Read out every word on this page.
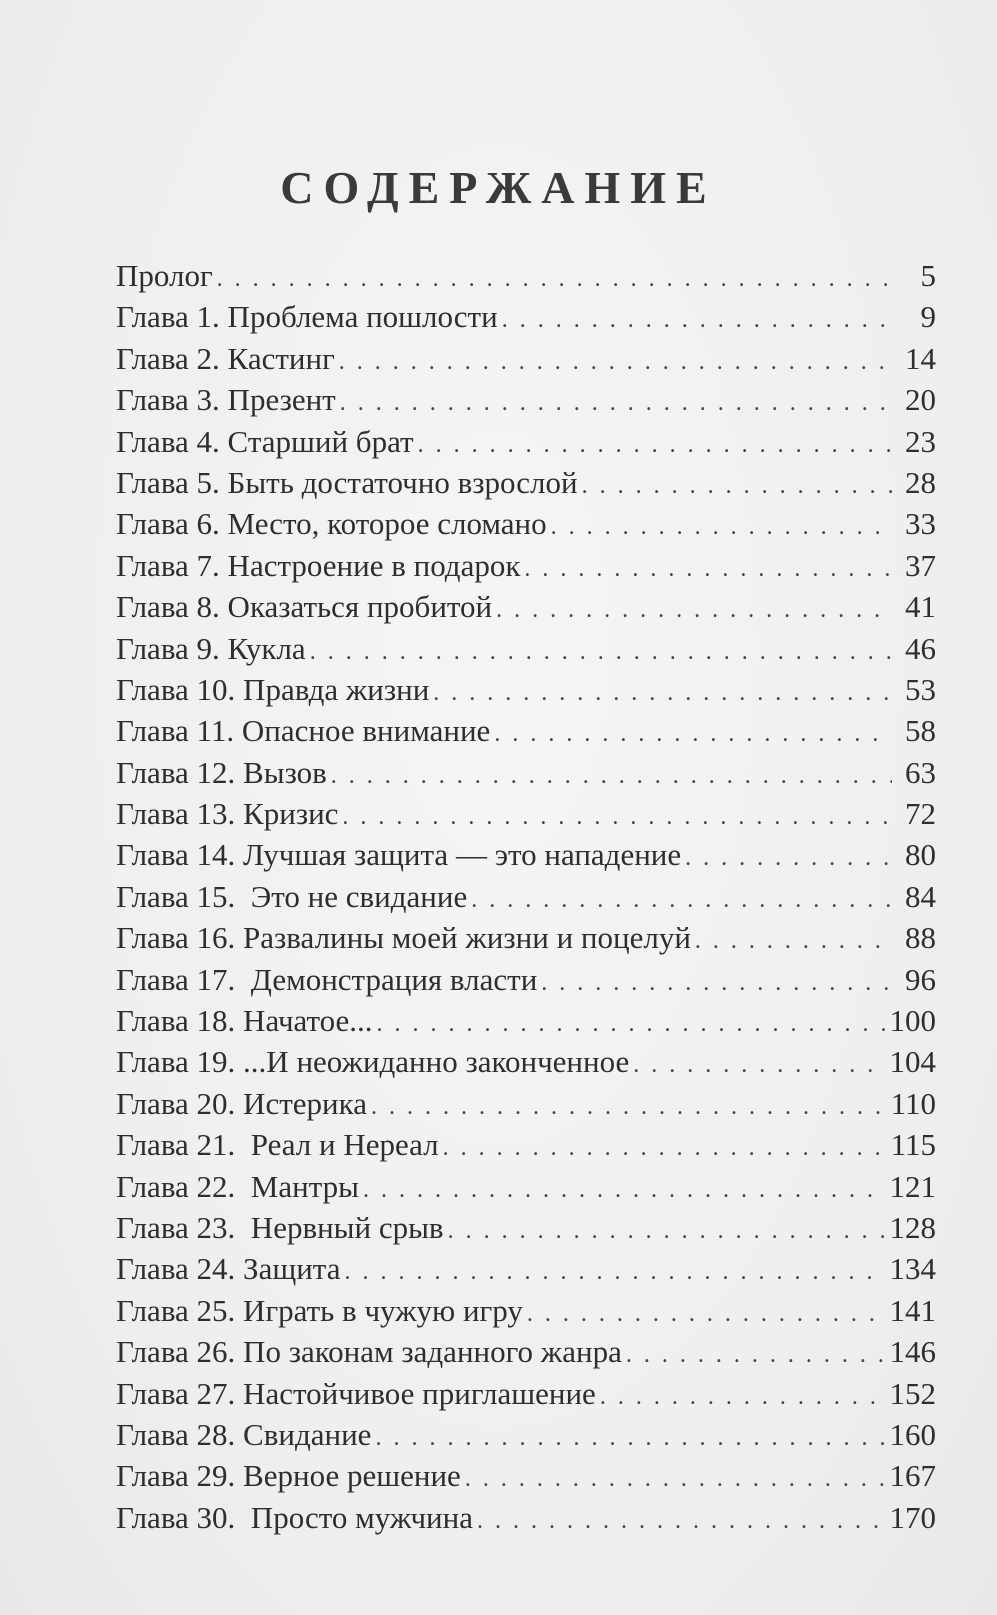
СОДЕРЖАНИЕ
Пролог . . .	5
Глава 1. Проблема пошлости . . .	9
Глава 2. Кастинг . . .	14
Глава 3. Презент . . .	20
Глава 4. Старший брат . . .	23
Глава 5. Быть достаточно взрослой . . .	28
Глава 6. Место, которое сломано . . .	33
Глава 7. Настроение в подарок . . .	37
Глава 8. Оказаться пробитой . . .	41
Глава 9. Кукла . . .	46
Глава 10. Правда жизни . . .	53
Глава 11. Опасное внимание . . .	58
Глава 12. Вызов . . .	63
Глава 13. Кризис . . .	72
Глава 14. Лучшая защита — это нападение . . .	80
Глава 15.  Это не свидание . . .	84
Глава 16. Развалины моей жизни и поцелуй . . .	88
Глава 17.  Демонстрация власти . . .	96
Глава 18. Начатое... . . .	100
Глава 19. ...И неожиданно законченное . . .	104
Глава 20. Истерика . . .	110
Глава 21.  Реал и Нереал . . .	115
Глава 22.  Мантры . . .	121
Глава 23.  Нервный срыв . . .	128
Глава 24. Защита . . .	134
Глава 25. Играть в чужую игру . . .	141
Глава 26. По законам заданного жанра . . .	146
Глава 27. Настойчивое приглашение . . .	152
Глава 28. Свидание . . .	160
Глава 29. Верное решение . . .	167
Глава 30.  Просто мужчина . . .	170
